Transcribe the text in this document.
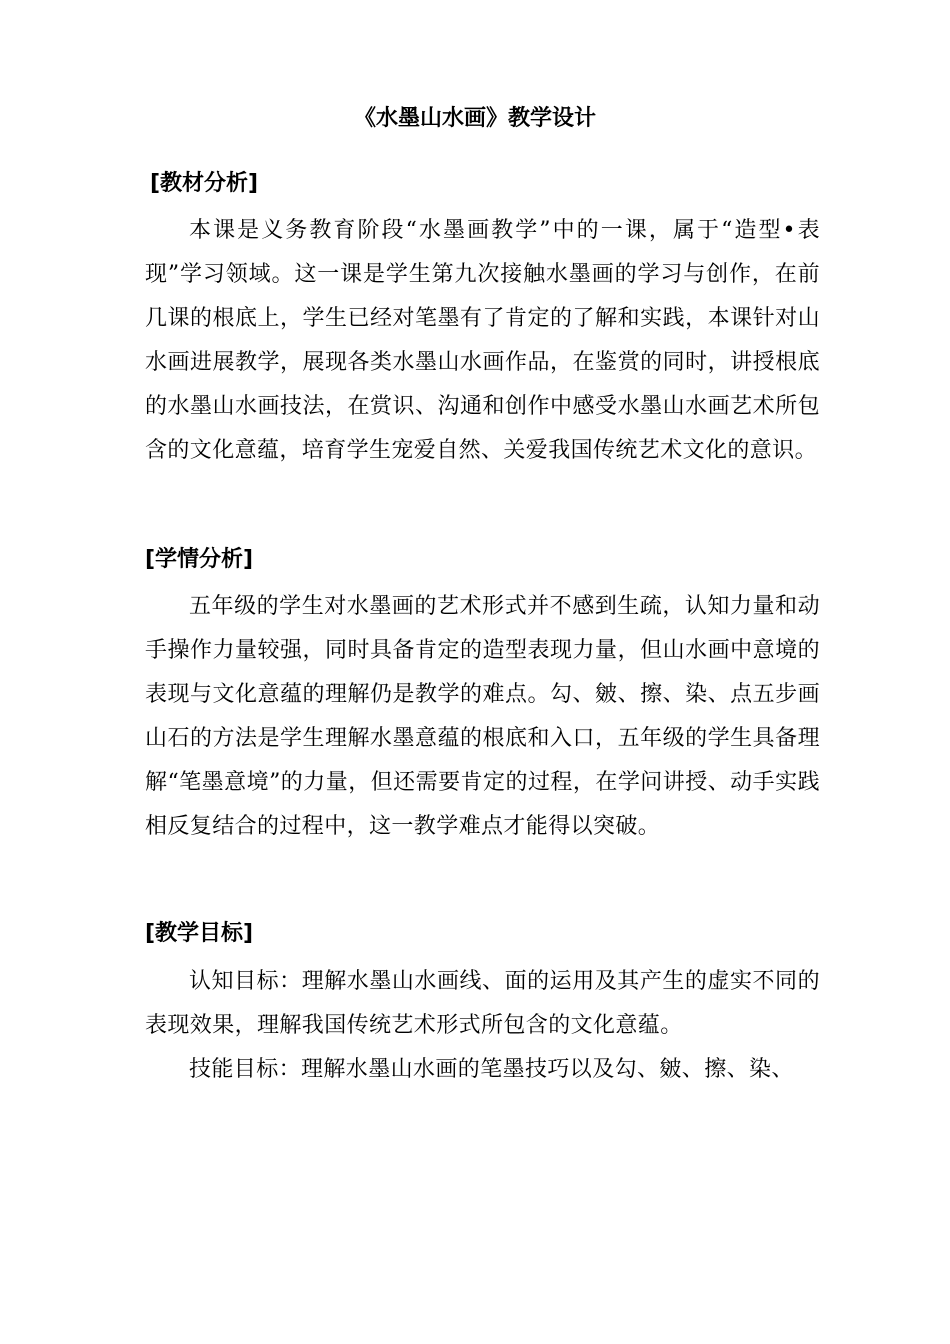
《水墨山水画》教学设计
[教材分析]

本课是义务教育阶段“水墨画教学”中的一课，属于“造型•表现”学习领域。这一课是学生第九次接触水墨画的学习与创作，在前几课的根底上，学生已经对笔墨有了肯定的了解和实践，本课针对山水画进展教学，展现各类水墨山水画作品，在鉴赏的同时，讲授根底的水墨山水画技法，在赏识、沟通和创作中感受水墨山水画艺术所包含的文化意蕴，培育学生宠爱自然、关爱我国传统艺术文化的意识。

[学情分析]

五年级的学生对水墨画的艺术形式并不感到生疏，认知力量和动手操作力量较强，同时具备肯定的造型表现力量，但山水画中意境的表现与文化意蕴的理解仍是教学的难点。勾、皴、擦、染、点五步画山石的方法是学生理解水墨意蕴的根底和入口，五年级的学生具备理解“笔墨意境”的力量，但还需要肯定的过程，在学问讲授、动手实践相反复结合的过程中，这一教学难点才能得以突破。

[教学目标]

认知目标：理解水墨山水画线、面的运用及其产生的虚实不同的表现效果，理解我国传统艺术形式所包含的文化意蕴。

技能目标：理解水墨山水画的笔墨技巧以及勾、皴、擦、染、
